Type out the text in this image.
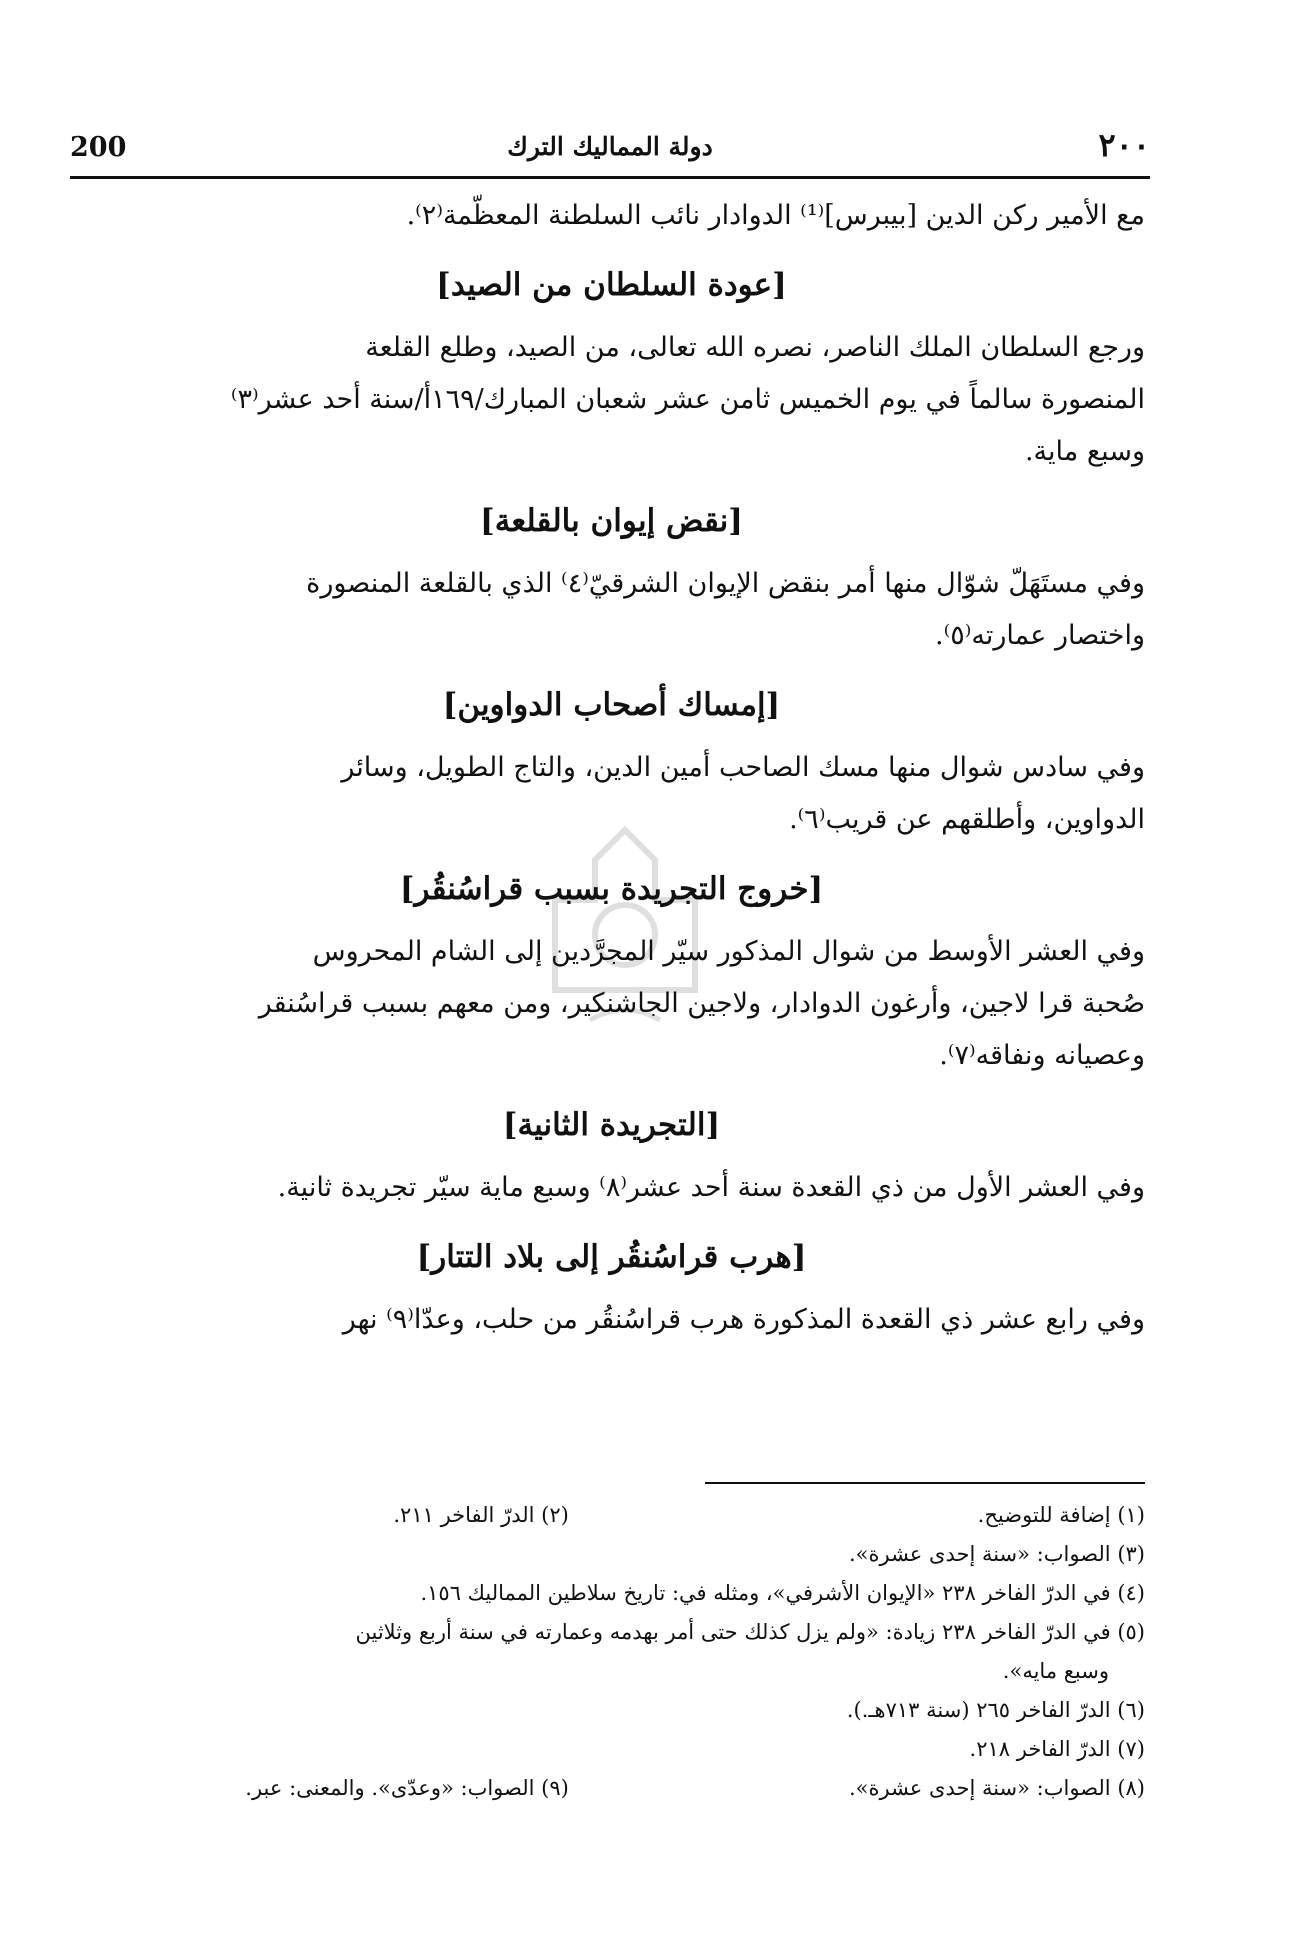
200	دولة المماليك الترك	٢٠٠
مع الأمير ركن الدين [بيبرس]⁽¹⁾ الدوادار نائب السلطنة المعظّمة⁽٢⁾.
[عودة السلطان من الصيد]
ورجع السلطان الملك الناصر، نصره الله تعالى، من الصيد، وطلع القلعة
المنصورة سالماً في يوم الخميس ثامن عشر شعبان المبارك/١٦٩أ/سنة أحد عشر⁽٣⁾
وسبع ماية.
[نقض إيوان بالقلعة]
وفي مستَهَلّ شوّال منها أمر بنقض الإيوان الشرقيّ⁽٤⁾ الذي بالقلعة المنصورة
واختصار عمارته⁽٥⁾.
[إمساك أصحاب الدواوين]
وفي سادس شوال منها مسك الصاحب أمين الدين، والتاج الطويل، وسائر
الدواوين، وأطلقهم عن قريب⁽٦⁾.
[خروج التجريدة بسبب قراسُنقُر]
وفي العشر الأوسط من شوال المذكور سيّر المجرَّدين إلى الشام المحروس
صُحبة قرا لاجين، وأرغون الدوادار، ولاجين الجاشنكير، ومن معهم بسبب قراسُنقر
وعصيانه ونفاقه⁽٧⁾.
[التجريدة الثانية]
وفي العشر الأول من ذي القعدة سنة أحد عشر⁽٨⁾ وسبع ماية سيّر تجريدة ثانية.
[هرب قراسُنقُر إلى بلاد التتار]
وفي رابع عشر ذي القعدة المذكورة هرب قراسُنقُر من حلب، وعدّا⁽٩⁾ نهر
(١) إضافة للتوضيح.
(٢) الدرّ الفاخر ٢١١.
(٣) الصواب: «سنة إحدى عشرة».
(٤) في الدرّ الفاخر ٢٣٨ «الإيوان الأشرفي»، ومثله في: تاريخ سلاطين المماليك ١٥٦.
(٥) في الدرّ الفاخر ٢٣٨ زيادة: «ولم يزل كذلك حتى أمر بهدمه وعمارته في سنة أربع وثلاثين
وسبع مايه».
(٦) الدرّ الفاخر ٢٦٥ (سنة ٧١٣هـ.).
(٧) الدرّ الفاخر ٢١٨.
(٨) الصواب: «سنة إحدى عشرة».
(٩) الصواب: «وعدّى». والمعنى: عبر.
